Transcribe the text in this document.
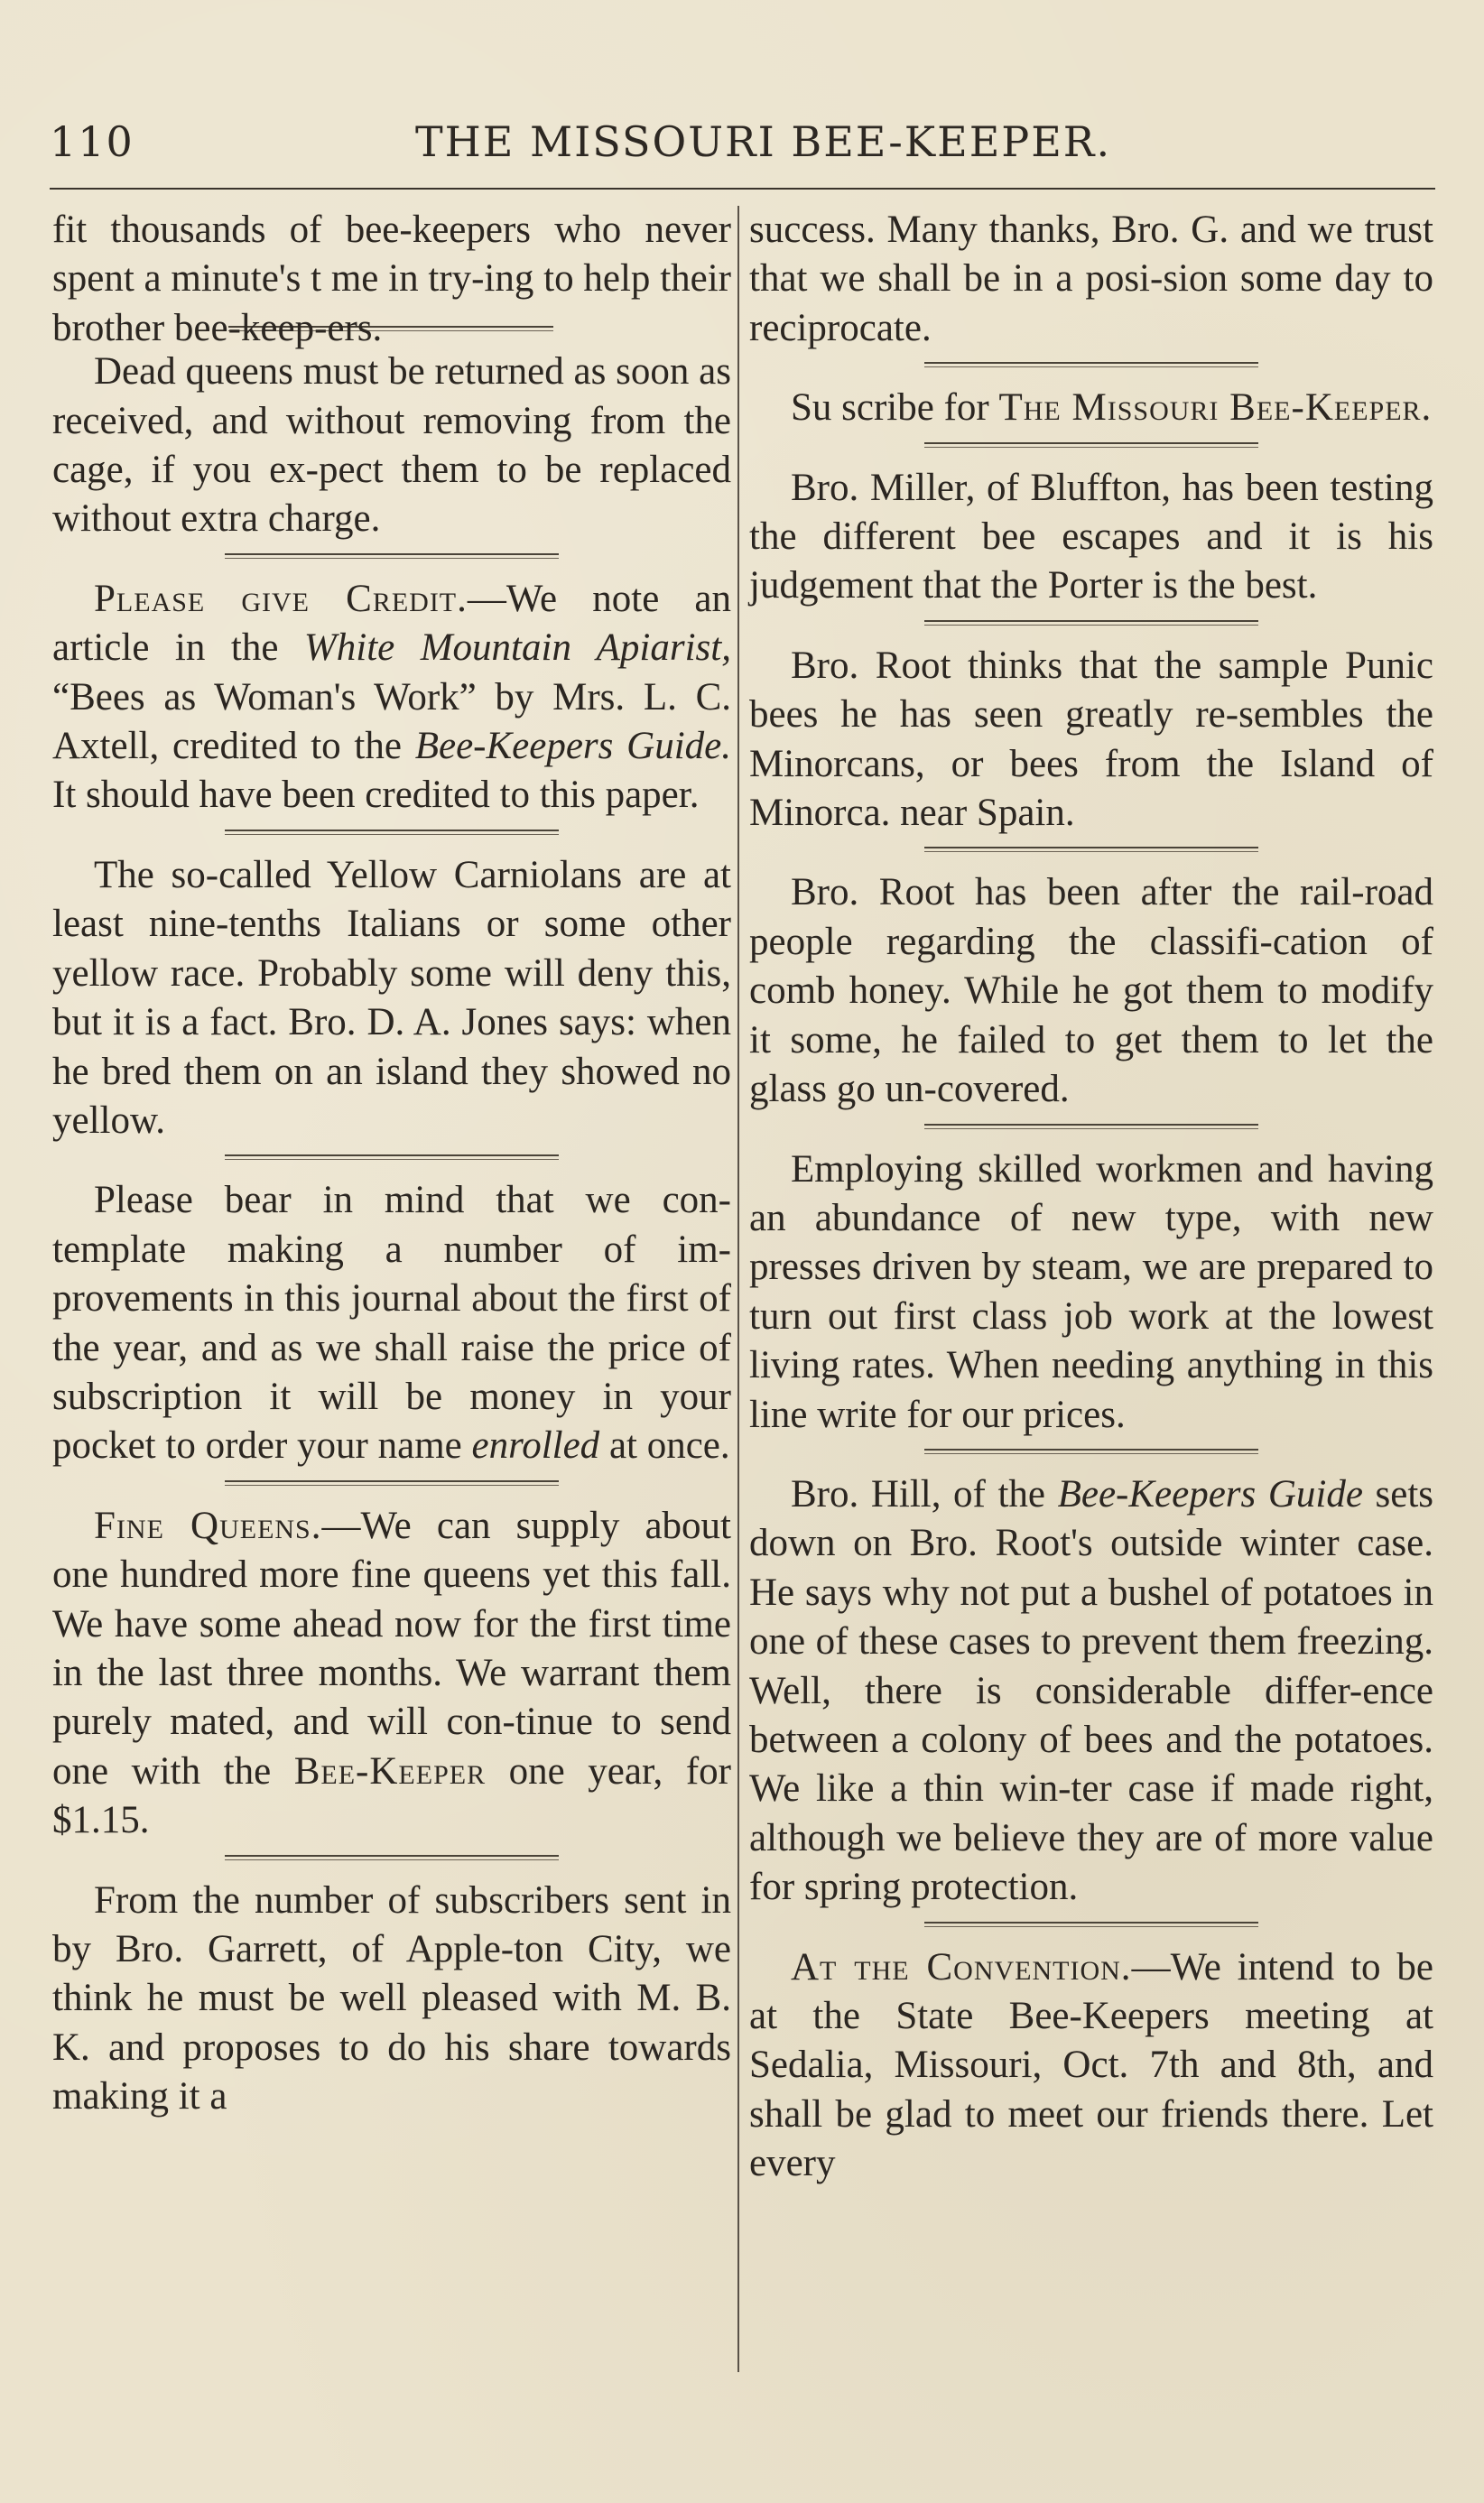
110	THE MISSOURI BEE-KEEPER.

fit thousands of bee-keepers who never spent a minute's t me in try-ing to help their brother bee-keep-ers.

Dead queens must be returned as soon as received, and without removing from the cage, if you ex-pect them to be replaced without extra charge.

Please give Credit.—We note an article in the White Mountain Apiarist, “Bees as Woman's Work” by Mrs. L. C. Axtell, credited to the Bee-Keepers Guide. It should have been credited to this paper.

The so-called Yellow Carniolans are at least nine-tenths Italians or some other yellow race. Probably some will deny this, but it is a fact. Bro. D. A. Jones says: when he bred them on an island they showed no yellow.

Please bear in mind that we con-template making a number of im-provements in this journal about the first of the year, and as we shall raise the price of subscription it will be money in your pocket to order your name enrolled at once.

Fine Queens.—We can supply about one hundred more fine queens yet this fall. We have some ahead now for the first time in the last three months. We warrant them purely mated, and will con-tinue to send one with the Bee-Keeper one year, for $1.15.

From the number of subscribers sent in by Bro. Garrett, of Apple-ton City, we think he must be well pleased with M. B. K. and proposes to do his share towards making it a

success. Many thanks, Bro. G. and we trust that we shall be in a posi-sion some day to reciprocate.

Su scribe for The Missouri Bee-Keeper.

Bro. Miller, of Bluffton, has been testing the different bee escapes and it is his judgement that the Porter is the best.

Bro. Root thinks that the sample Punic bees he has seen greatly re-sembles the Minorcans, or bees from the Island of Minorca. near Spain.

Bro. Root has been after the rail-road people regarding the classifi-cation of comb honey. While he got them to modify it some, he failed to get them to let the glass go un-covered.

Employing skilled workmen and having an abundance of new type, with new presses driven by steam, we are prepared to turn out first class job work at the lowest living rates. When needing anything in this line write for our prices.

Bro. Hill, of the Bee-Keepers Guide sets down on Bro. Root's outside winter case. He says why not put a bushel of potatoes in one of these cases to prevent them freezing. Well, there is considerable differ-ence between a colony of bees and the potatoes. We like a thin win-ter case if made right, although we believe they are of more value for spring protection.

At the Convention.—We intend to be at the State Bee-Keepers meeting at Sedalia, Missouri, Oct. 7th and 8th, and shall be glad to meet our friends there. Let every
